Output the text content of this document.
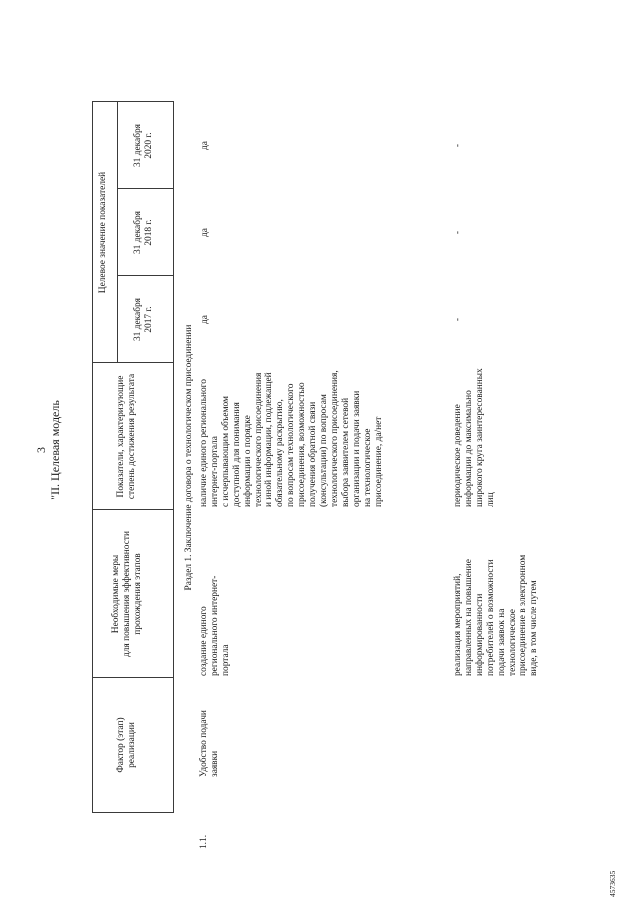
3 "II. Целевая модель
Фактор (этап)
реализации
Необходимые меры
для повышения эффективности
прохождения этапов
Показатели, характеризующие
степень достижения результата
Целевое значение показателей
31 декабря
2017 г.
31 декабря
2018 г.
31 декабря
2020 г.
Раздел 1. Заключение договора о технологическом присоединении
1.1.
Удобство подачи
заявки
создание единого
регионального интернет-
портала
наличие единого регионального
интернет-портала
с исчерпывающим объемом
доступной для понимания
информации о порядке
технологического присоединения
и иной информации, подлежащей
обязательному раскрытию,
по вопросам технологического
присоединения, возможностью
получения обратной связи
(консультации) по вопросам
технологического присоединения,
выбора заявителем сетевой
организации и подачи заявки
на технологическое
присоединение, да/нет
да
да
да
реализация мероприятий,
направленных на повышение
информированности
потребителей о возможности
подачи заявок на
технологическое
присоединение в электронном
виде, в том числе путем
периодическое доведение
информации до максимально
широкого круга заинтересованных
лиц
-
-
-
4573635
